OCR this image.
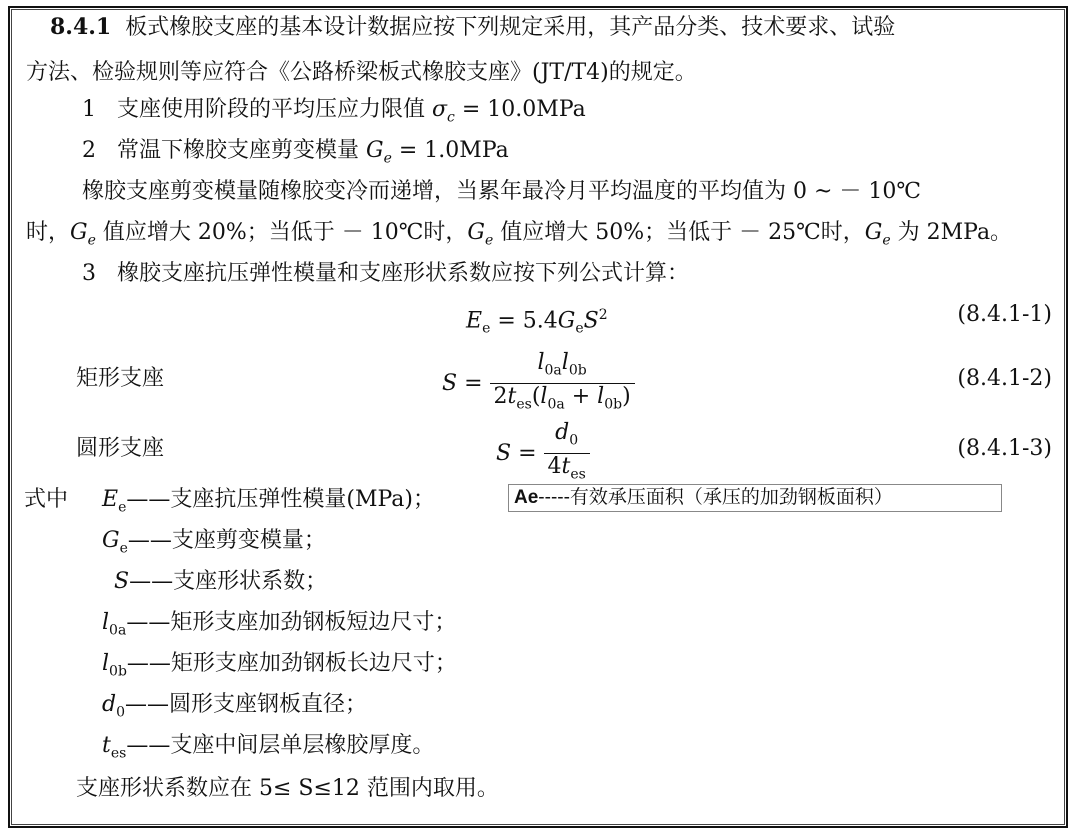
8.4.1 板式橡胶支座的基本设计数据应按下列规定采用，其产品分类、技术要求、试验
方法、检验规则等应符合《公路桥梁板式橡胶支座》(JT/T4)的规定。
1 支座使用阶段的平均压应力限值 $\sigma_c = 10.0MPa$
2 常温下橡胶支座剪变模量 $G_e = 1.0MPa$
橡胶支座剪变模量随橡胶变冷而递增，当累年最冷月平均温度的平均值为 0 ~ － 10℃
时，$G_e$ 值应增大 20%；当低于 － 10℃时，$G_e$ 值应增大 50%；当低于 － 25℃时，$G_e$ 为 2MPa。
3 橡胶支座抗压弹性模量和支座形状系数应按下列公式计算：
$E_e = 5.4G_eS^2$	(8.4.1-1)
矩形支座	$S = \frac{l_{0a}l_{0b}}{2t_{es}(l_{0a} + l_{0b})}$	(8.4.1-2)
圆形支座	$S = \frac{d_0}{4t_{es}}$	(8.4.1-3)
式中 $E_e——$支座抗压弹性模量(MPa)；
$G_e——$支座剪变模量；
S——支座形状系数；
$l_{0a}——$矩形支座加劲钢板短边尺寸；
$l_{0b}——$矩形支座加劲钢板长边尺寸；
$d_0——$圆形支座钢板直径；
$t_{es}——$支座中间层单层橡胶厚度。
支座形状系数应在 5≤ S≤12 范围内取用。
Ae-----有效承压面积（承压的加劲钢板面积）
